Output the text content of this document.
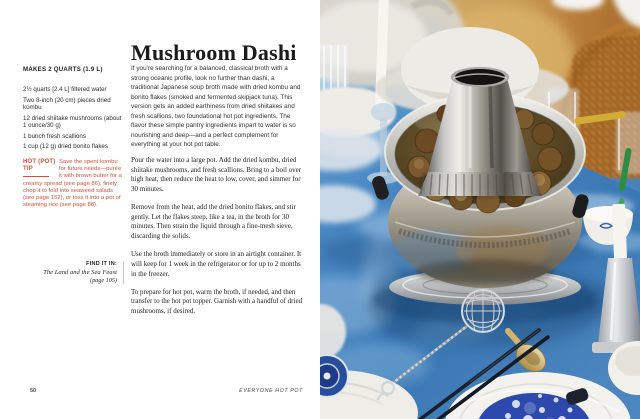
Mushroom Dashi
MAKES 2 QUARTS (1.9 L)
2½ quarts [2.4 L] filtered water
Two 8-inch (20 cm) pieces dried kombu
12 dried shiitake mushrooms (about 1 ounce/30 g)
1 bunch fresh scallions
1 cup (12 g) dried bonito flakes

HOT (POT)
TIP
Save the spent kombu for future needs—purée it with brown butter for a creamy spread (see page 86), finely chop it to fold into seaweed salads (see page 152), or toss it into a pot of steaming rice (see page 88).

FIND IT IN:
The Land and the Sea Feast
(page 105)

If you're searching for a balanced, classical broth with a strong oceanic profile, look no further than dashi, a traditional Japanese soup broth made with dried kombu and bonito flakes (smoked and fermented skipjack tuna). This version gets an added earthiness from dried shiitakes and fresh scallions, two foundational hot pot ingredients. The flavor these simple pantry ingredients impart to water is so nourishing and deep—and a perfect complement for everything at your hot pot table.

Pour the water into a large pot. Add the dried kombu, dried shiitake mushrooms, and fresh scallions. Bring to a boil over high heat, then reduce the heat to low, cover, and simmer for 30 minutes.

Remove from the heat, add the dried bonito flakes, and stir gently. Let the flakes steep, like a tea, in the broth for 30 minutes. Then strain the liquid through a fine-mesh sieve, discarding the solids.

Use the broth immediately or store in an airtight container. It will keep for 1 week in the refrigerator or for up to 2 months in the freezer.

To prepare for hot pot, warm the broth, if needed, and then transfer to the hot pot topper. Garnish with a handful of dried mushrooms, if desired.

50	EVERYONE HOT POT
